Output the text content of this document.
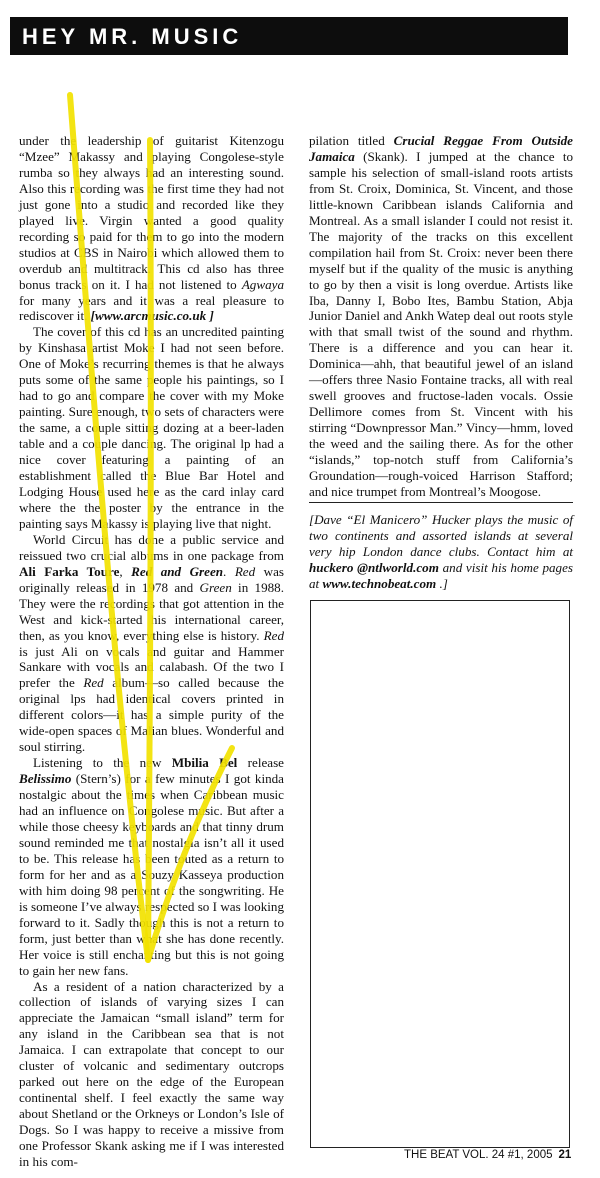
HEY MR. MUSIC

under the leadership of guitarist Kitenzogu “Mzee” Makassy and playing Congolese-style rumba so they always had an interesting sound. Also this recording was the first time they had not just gone into a studio and recorded like they played live. Virgin wanted a good quality recording so paid for them to go into the modern studios at CBS in Nairobi which allowed them to overdub and multitrack. This cd also has three bonus tracks on it. I had not listened to Agwaya for many years and it was a real pleasure to rediscover it. [www.arcmusic.co.uk ]

The cover of this cd has an uncredited painting by Kinshasa artist Moke I had not seen before. One of Moke’s recurring themes is that he always puts some of the same people his paintings, so I had to go and compare the cover with my Moke painting. Sure enough, two sets of characters were the same, a couple sitting dozing at a beer-laden table and a couple dancing. The original lp had a nice cover featuring a painting of an establishment called the Blue Bar Hotel and Lodging House used here as the card inlay card where the the poster by the entrance in the painting says Makassy is playing live that night.

World Circuit has done a public service and reissued two crucial albums in one package from Ali Farka Toure, Red and Green. Red was originally released in 1978 and Green in 1988. They were the recordings that got attention in the West and kick-started his international career, then, as you know, everything else is history. Red is just Ali on vocals and guitar and Hammer Sankare with vocals and calabash. Of the two I prefer the Red album—so called because the original lps had identical covers printed in different colors—it has a simple purity of the wide-open spaces of Malian blues. Wonderful and soul stirring.

Listening to the new Mbilia Bel release Belissimo (Stern’s) for a few minutes I got kinda nostalgic about the times when Caribbean music had an influence on Congolese music. But after a while those cheesy keyboards and that tinny drum sound reminded me that nostalgia isn’t all it used to be. This release has been touted as a return to form for her and as a Souzy Kasseya production with him doing 98 percent of the songwriting. He is someone I’ve always respected so I was looking forward to it. Sadly though this is not a return to form, just better than what she has done recently. Her voice is still enchanting but this is not going to gain her new fans.

As a resident of a nation characterized by a collection of islands of varying sizes I can appreciate the Jamaican “small island” term for any island in the Caribbean sea that is not Jamaica. I can extrapolate that concept to our cluster of volcanic and sedimentary outcrops parked out here on the edge of the European continental shelf. I feel exactly the same way about Shetland or the Orkneys or London’s Isle of Dogs. So I was happy to receive a missive from one Professor Skank asking me if I was interested in his com-

pilation titled Crucial Reggae From Outside Jamaica (Skank). I jumped at the chance to sample his selection of small-island roots artists from St. Croix, Dominica, St. Vincent, and those little-known Caribbean islands California and Montreal. As a small islander I could not resist it. The majority of the tracks on this excellent compilation hail from St. Croix: never been there myself but if the quality of the music is anything to go by then a visit is long overdue. Artists like Iba, Danny I, Bobo Ites, Bambu Station, Abja Junior Daniel and Ankh Watep deal out roots style with that small twist of the sound and rhythm. There is a difference and you can hear it. Dominica—ahh, that beautiful jewel of an island—offers three Nasio Fontaine tracks, all with real swell grooves and fructose-laden vocals. Ossie Dellimore comes from St. Vincent with his stirring “Downpressor Man.” Vincy—hmm, loved the weed and the sailing there. As for the other “islands,” top-notch stuff from California’s Groundation—rough-voiced Harrison Stafford; and nice trumpet from Montreal’s Moogose.

[Dave “El Manicero” Hucker plays the music of two continents and assorted islands at several very hip London dance clubs. Contact him at huckero @ntlworld.com and visit his home pages at www.technobeat.com .]

THE BEAT VOL. 24 #1, 2005 21
